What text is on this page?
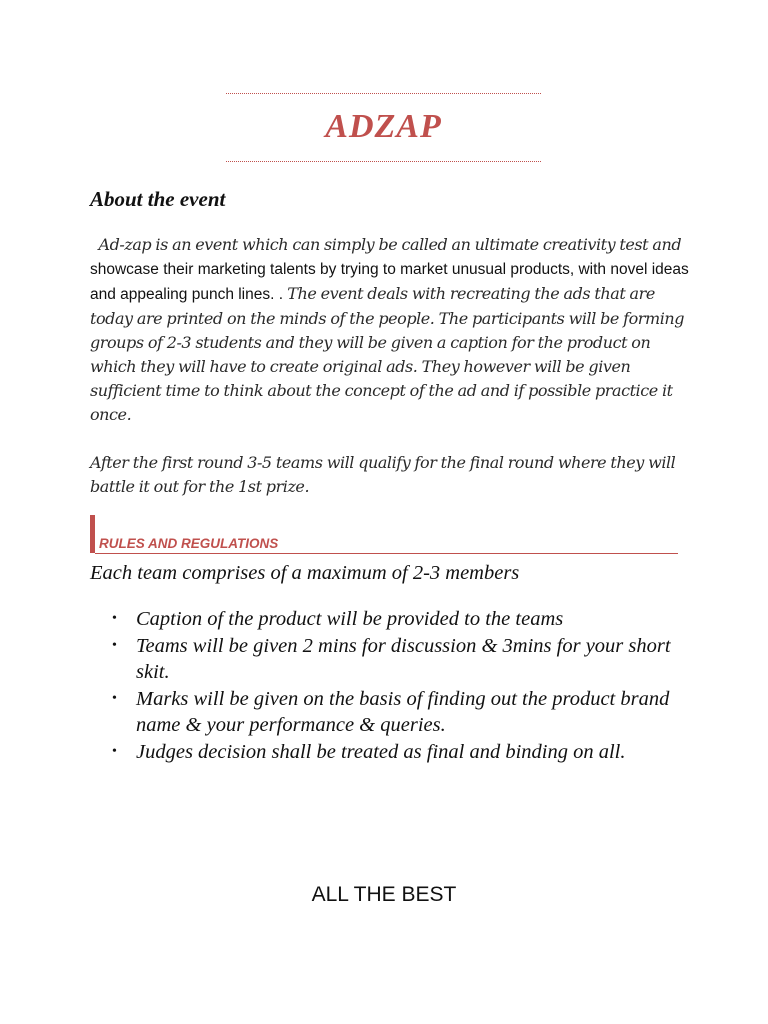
ADZAP
About the event
Ad-zap is an event which can simply be called an ultimate creativity test and showcase their marketing talents by trying to market unusual products, with novel ideas and appealing punch lines. . The event deals with recreating the ads that are today are printed on the minds of the people. The participants will be forming groups of 2-3 students and they will be given a caption for the product on which they will have to create original ads. They however will be given sufficient time to think about the concept of the ad and if possible practice it once.
After the first round 3-5 teams will qualify for the final round where they will battle it out for the 1st prize.
RULES AND REGULATIONS
Each team comprises of a maximum of 2-3 members
• Caption of the product will be provided to the teams
• Teams will be given 2 mins for discussion & 3mins for your short skit.
• Marks will be given on the basis of finding out the product brand name & your performance & queries.
• Judges decision shall be treated as final and binding on all.
ALL THE BEST
